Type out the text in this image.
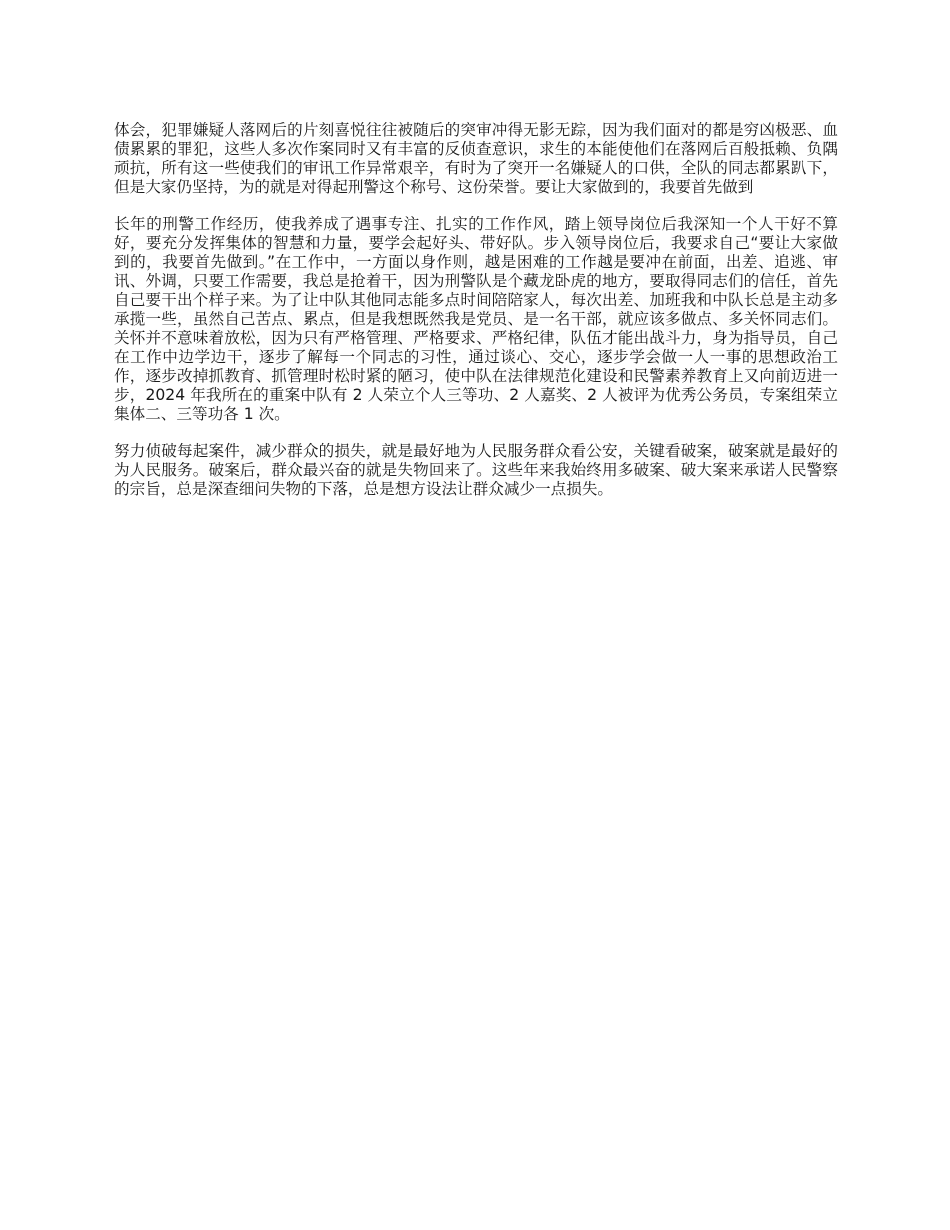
体会，犯罪嫌疑人落网后的片刻喜悦往往被随后的突审冲得无影无踪，因为我们面对的都是穷凶极恶、血债累累的罪犯，这些人多次作案同时又有丰富的反侦查意识，求生的本能使他们在落网后百般抵赖、负隅顽抗，所有这一些使我们的审讯工作异常艰辛，有时为了突开一名嫌疑人的口供，全队的同志都累趴下，但是大家仍坚持，为的就是对得起刑警这个称号、这份荣誉。要让大家做到的，我要首先做到

长年的刑警工作经历，使我养成了遇事专注、扎实的工作作风，踏上领导岗位后我深知一个人干好不算好，要充分发挥集体的智慧和力量，要学会起好头、带好队。步入领导岗位后，我要求自己“要让大家做到的，我要首先做到。”在工作中，一方面以身作则，越是困难的工作越是要冲在前面，出差、追逃、审讯、外调，只要工作需要，我总是抢着干，因为刑警队是个藏龙卧虎的地方，要取得同志们的信任，首先自己要干出个样子来。为了让中队其他同志能多点时间陪陪家人，每次出差、加班我和中队长总是主动多承揽一些，虽然自己苦点、累点，但是我想既然我是党员、是一名干部，就应该多做点、多关怀同志们。关怀并不意味着放松，因为只有严格管理、严格要求、严格纪律，队伍才能出战斗力，身为指导员，自己在工作中边学边干，逐步了解每一个同志的习性，通过谈心、交心，逐步学会做一人一事的思想政治工作，逐步改掉抓教育、抓管理时松时紧的陋习，使中队在法律规范化建设和民警素养教育上又向前迈进一步，2024 年我所在的重案中队有 2 人荣立个人三等功、2 人嘉奖、2 人被评为优秀公务员，专案组荣立集体二、三等功各 1 次。

努力侦破每起案件，减少群众的损失，就是最好地为人民服务群众看公安，关键看破案，破案就是最好的为人民服务。破案后，群众最兴奋的就是失物回来了。这些年来我始终用多破案、破大案来承诺人民警察的宗旨，总是深查细问失物的下落，总是想方设法让群众减少一点损失。
